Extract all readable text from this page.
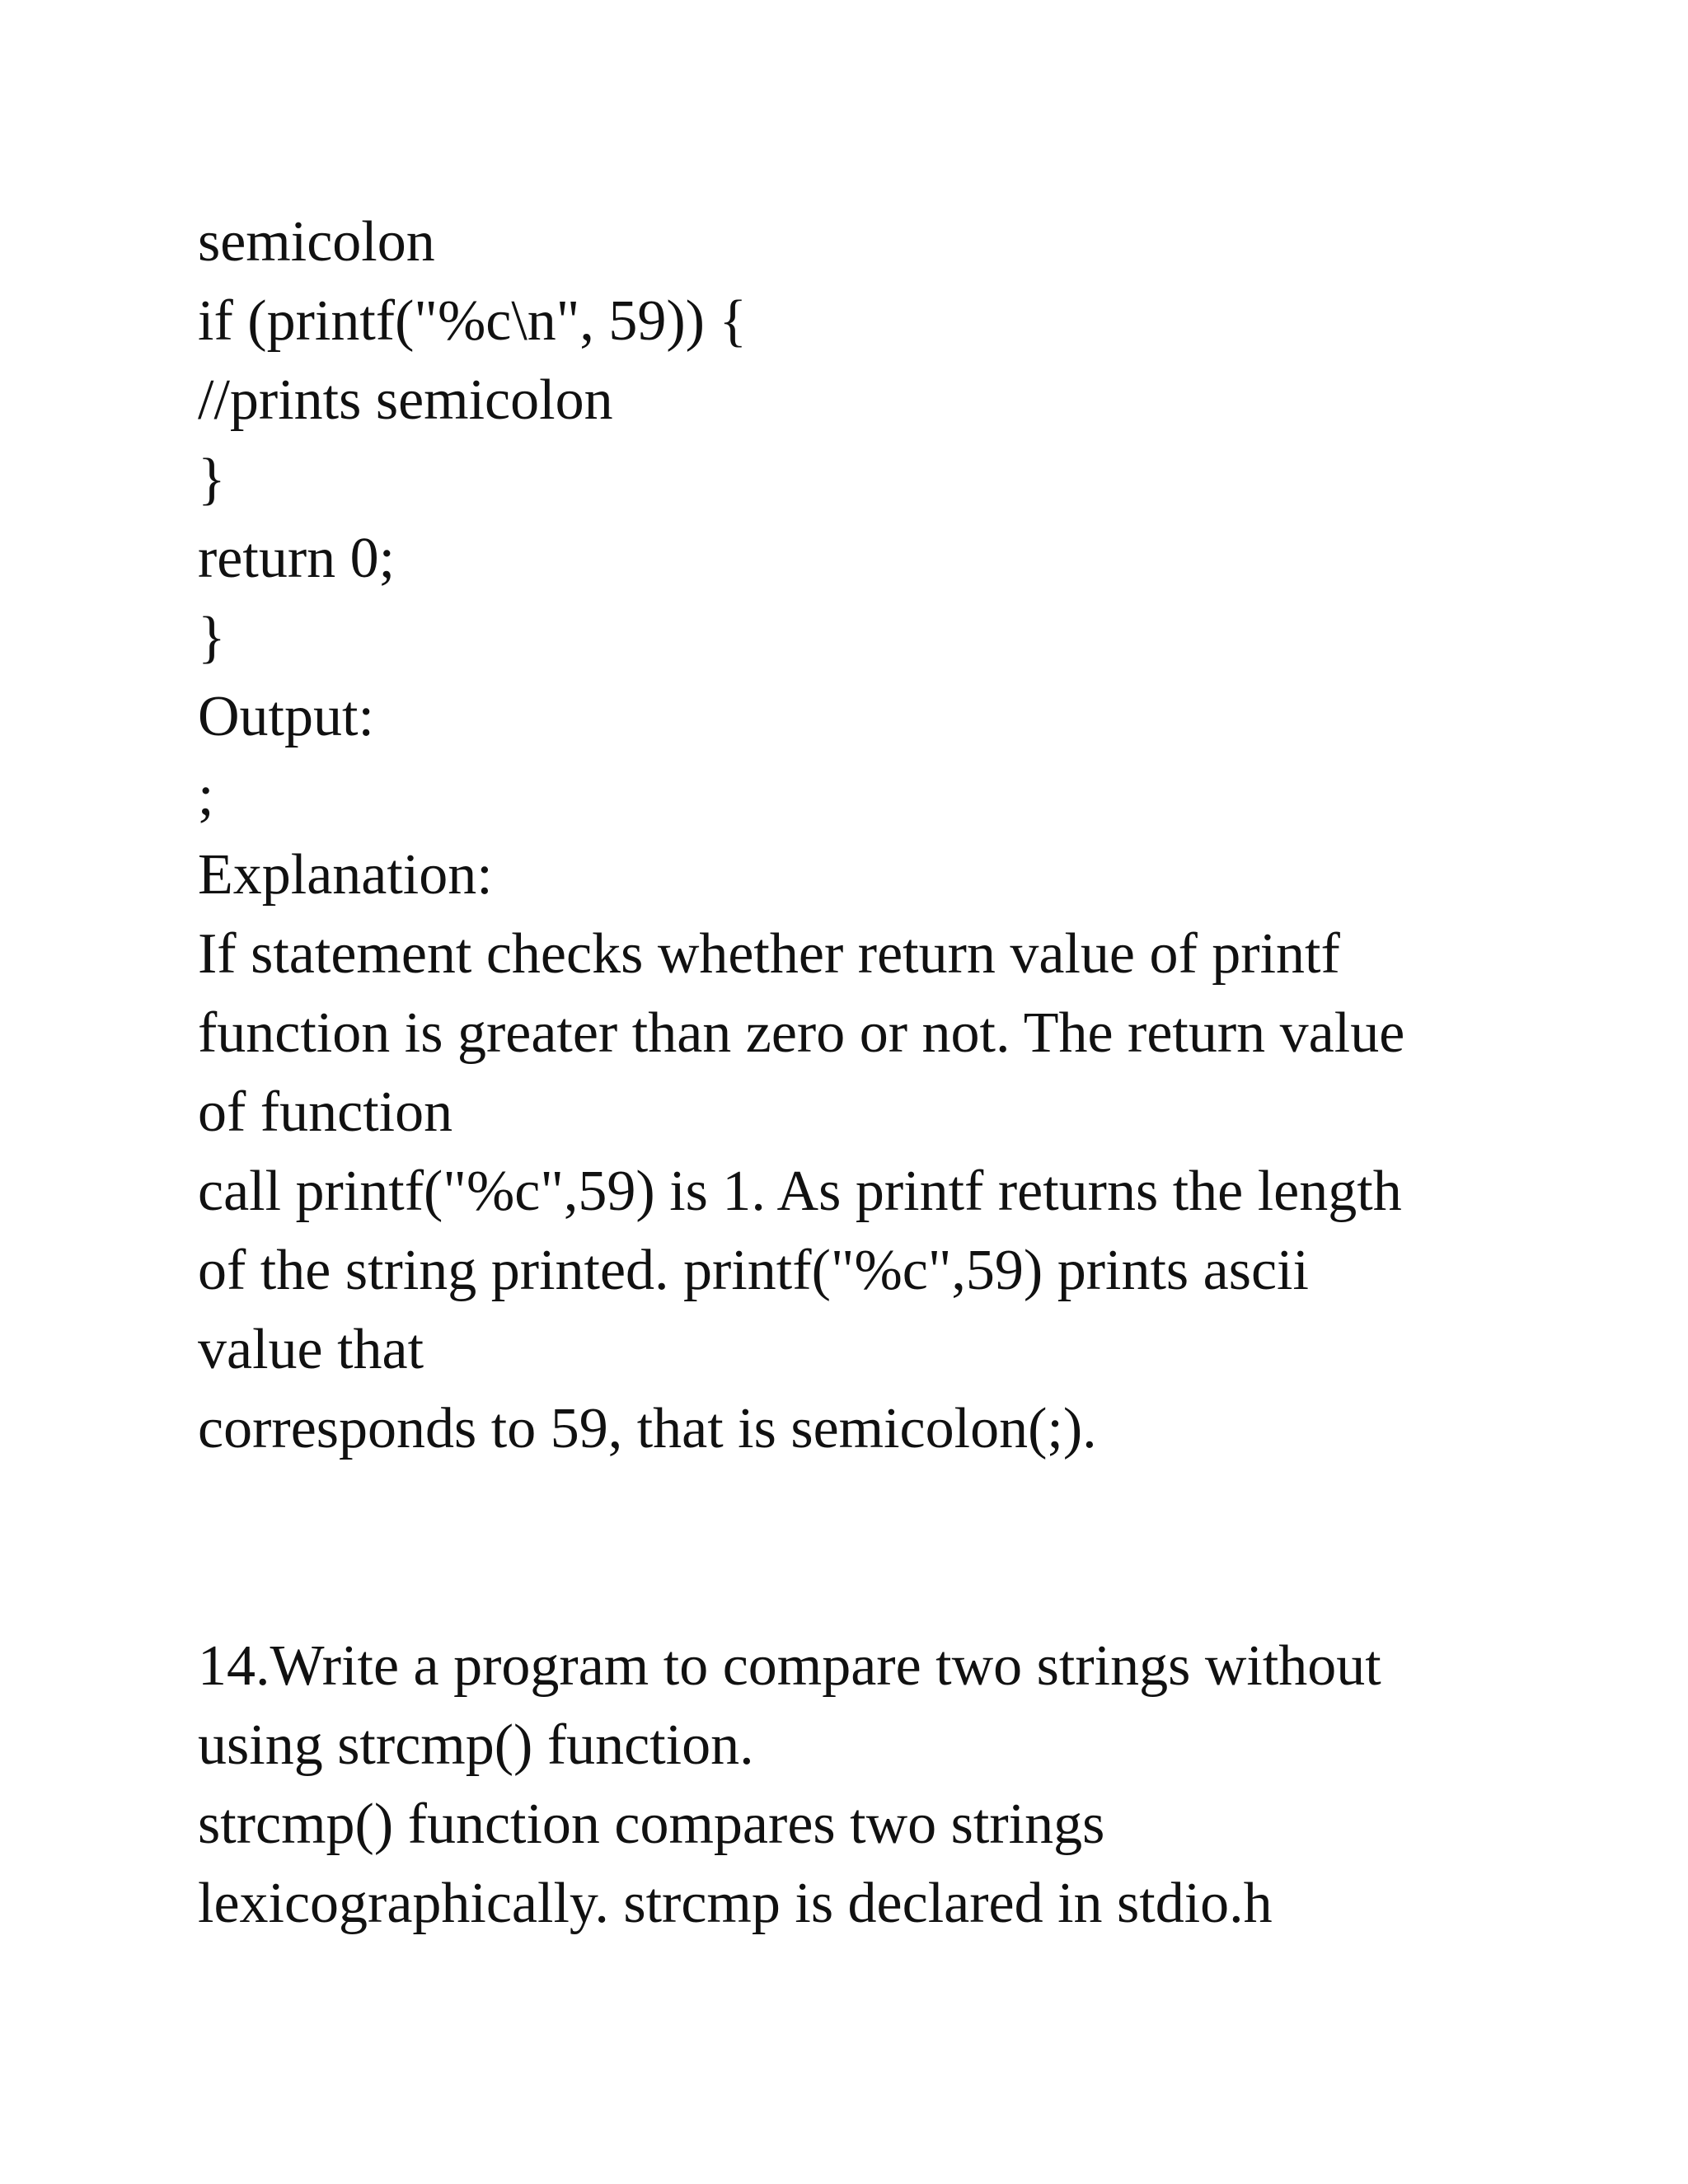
semicolon
if (printf("%c\n", 59)) {
//prints semicolon
}
return 0;
}
Output:
;
Explanation:
If statement checks whether return value of printf
function is greater than zero or not. The return value
of function
call printf("%c",59) is 1. As printf returns the length
of the string printed. printf("%c",59) prints ascii
value that
corresponds to 59, that is semicolon(;).
14.Write a program to compare two strings without
using strcmp() function.
strcmp() function compares two strings
lexicographically. strcmp is declared in stdio.h
